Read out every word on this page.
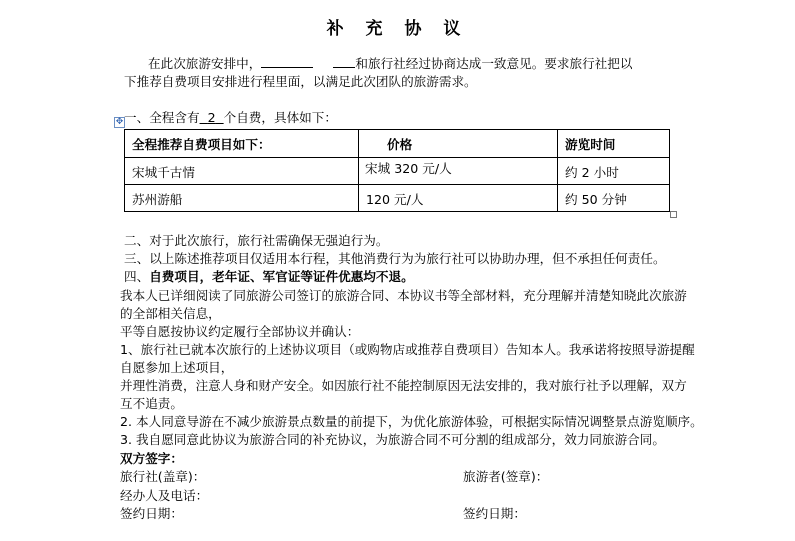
补 充 协 议
在此次旅游安排中，	和旅行社经过协商达成一致意见。要求旅行社把以
下推荐自费项目安排进行程里面，以满足此次团队的旅游需求。
✥ 一、全程含有 2 个自费，具体如下：
全程推荐自费项目如下：	价格	游览时间
宋城千古情	宋城 320 元/人	约 2 小时
苏州游船	120 元/人	约 50 分钟
二、对于此次旅行，旅行社需确保无强迫行为。
三、以上陈述推荐项目仅适用本行程，其他消费行为为旅行社可以协助办理，但不承担任何责任。
四、自费项目，老年证、军官证等证件优惠均不退。
我本人已详细阅读了同旅游公司签订的旅游合同、本协议书等全部材料，充分理解并清楚知晓此次旅游
的全部相关信息，
平等自愿按协议约定履行全部协议并确认：
1、旅行社已就本次旅行的上述协议项目（或购物店或推荐自费项目）告知本人。我承诺将按照导游提醒
自愿参加上述项目，
并理性消费，注意人身和财产安全。如因旅行社不能控制原因无法安排的，我对旅行社予以理解，双方
互不追责。
2. 本人同意导游在不减少旅游景点数量的前提下，为优化旅游体验，可根据实际情况调整景点游览顺序。
3. 我自愿同意此协议为旅游合同的补充协议，为旅游合同不可分割的组成部分，效力同旅游合同。
双方签字：
旅行社(盖章)：	旅游者(签章)：
经办人及电话：
签约日期：	签约日期：
